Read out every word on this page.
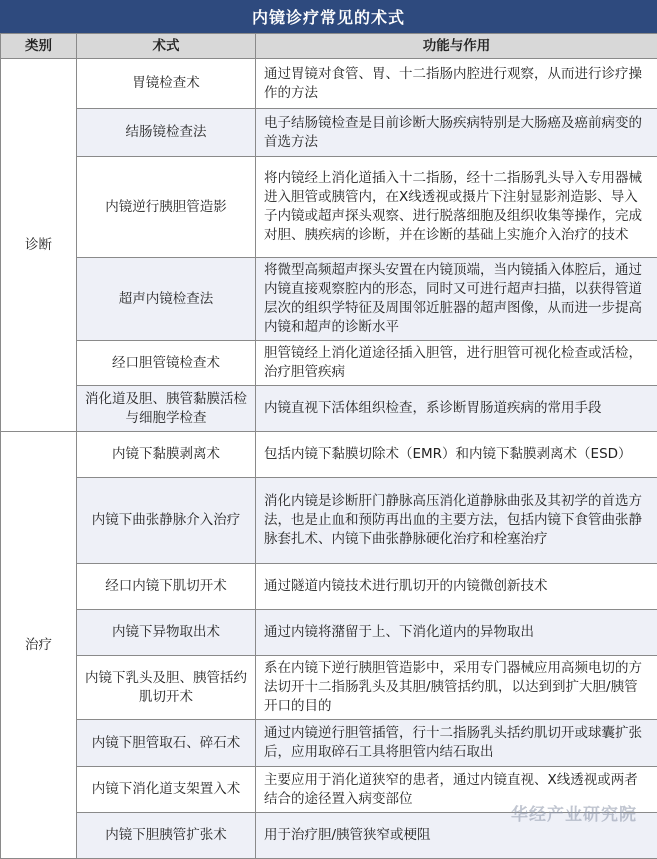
内镜诊疗常见的术式
类别	术式	功能与作用
诊断	胃镜检查术	通过胃镜对食管、胃、十二指肠内腔进行观察，从而进行诊疗操作的方法
	结肠镜检查法	电子结肠镜检查是目前诊断大肠疾病特别是大肠癌及癌前病变的首选方法
	内镜逆行胰胆管造影	将内镜经上消化道插入十二指肠，经十二指肠乳头导入专用器械进入胆管或胰管内，在X线透视或摄片下注射显影剂造影、导入子内镜或超声探头观察、进行脱落细胞及组织收集等操作，完成对胆、胰疾病的诊断，并在诊断的基础上实施介入治疗的技术
	超声内镜检查法	将微型高频超声探头安置在内镜顶端，当内镜插入体腔后，通过内镜直接观察腔内的形态，同时又可进行超声扫描，以获得管道层次的组织学特征及周围邻近脏器的超声图像，从而进一步提高内镜和超声的诊断水平
	经口胆管镜检查术	胆管镜经上消化道途径插入胆管，进行胆管可视化检查或活检，治疗胆管疾病
	消化道及胆、胰管黏膜活检与细胞学检查	内镜直视下活体组织检查，系诊断胃肠道疾病的常用手段
治疗	内镜下黏膜剥离术	包括内镜下黏膜切除术（EMR）和内镜下黏膜剥离术（ESD）
	内镜下曲张静脉介入治疗	消化内镜是诊断肝门静脉高压消化道静脉曲张及其初学的首选方法，也是止血和预防再出血的主要方法，包括内镜下食管曲张静脉套扎术、内镜下曲张静脉硬化治疗和栓塞治疗
	经口内镜下肌切开术	通过隧道内镜技术进行肌切开的内镜微创新技术
	内镜下异物取出术	通过内镜将潴留于上、下消化道内的异物取出
	内镜下乳头及胆、胰管括约肌切开术	系在内镜下逆行胰胆管造影中，采用专门器械应用高频电切的方法切开十二指肠乳头及其胆/胰管括约肌，以达到到扩大胆/胰管开口的目的
	内镜下胆管取石、碎石术	通过内镜逆行胆管插管，行十二指肠乳头括约肌切开或球囊扩张后，应用取碎石工具将胆管内结石取出
	内镜下消化道支架置入术	主要应用于消化道狭窄的患者，通过内镜直视、X线透视或两者结合的途径置入病变部位
	内镜下胆胰管扩张术	用于治疗胆/胰管狭窄或梗阻
华经产业研究院
